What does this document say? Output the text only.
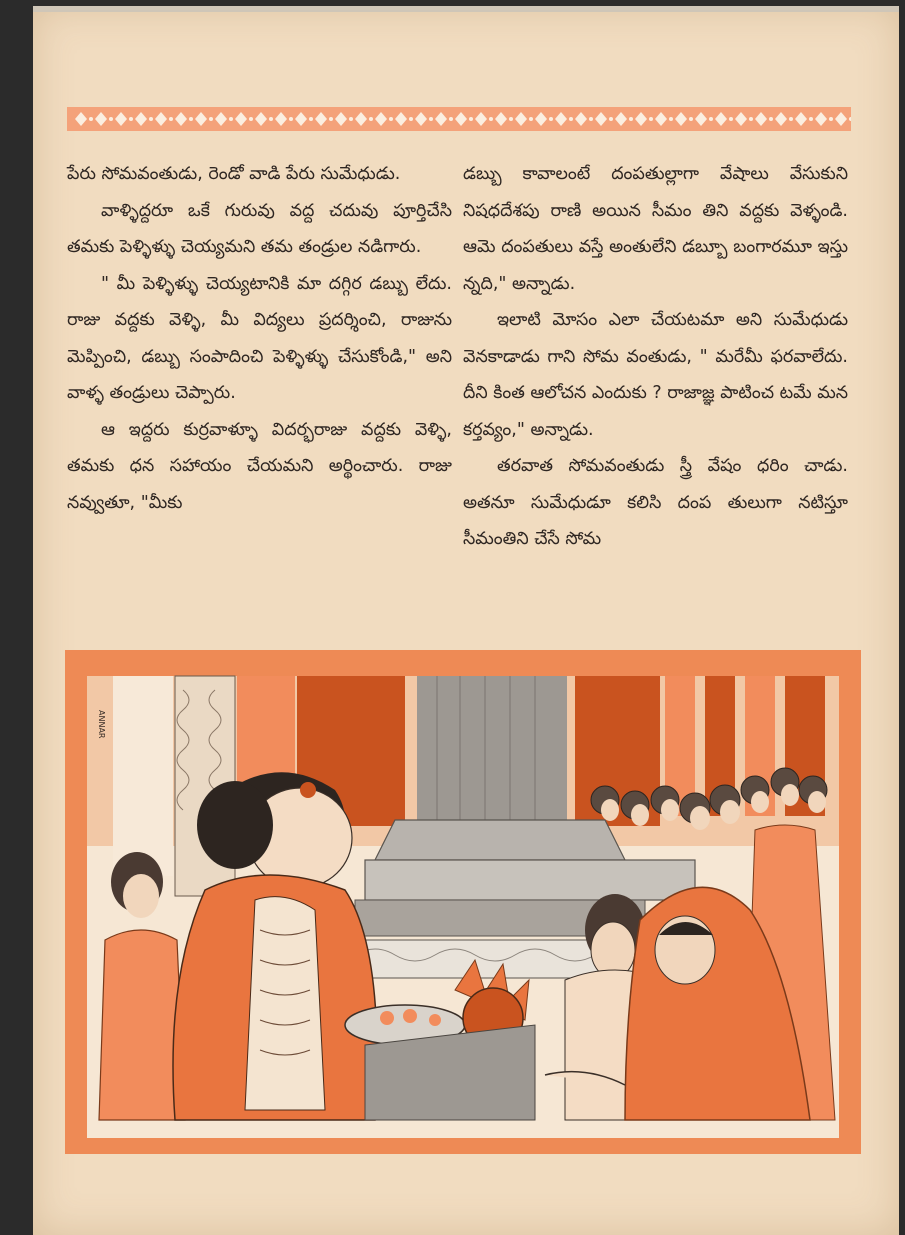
పేరు సోమవంతుడు, రెండో వాడి పేరు సుమేధుడు.

వాళ్ళిద్దరూ ఒకే గురువు వద్ద చదువు పూర్తిచేసి తమకు పెళ్ళిళ్ళు చెయ్యమని తమ తండ్రుల నడిగారు.

" మీ పెళ్ళిళ్ళు చెయ్యటానికి మా దగ్గిర డబ్బు లేదు. రాజు వద్దకు వెళ్ళి, మీ విద్యలు ప్రదర్శించి, రాజును మెప్పించి, డబ్బు సంపాదించి పెళ్ళిళ్ళు చేసుకోండి," అని వాళ్ళ తండ్రులు చెప్పారు.

ఆ ఇద్దరు కుర్రవాళ్ళూ విదర్భరాజు వద్దకు వెళ్ళి, తమకు ధన సహాయం చేయమని అర్థించారు. రాజు నవ్వుతూ, "మీకు

డబ్బు కావాలంటే దంపతుల్లాగా వేషాలు వేసుకుని నిషధదేశపు రాణి అయిన సీమం తిని వద్దకు వెళ్ళండి. ఆమె దంపతులు వస్తే అంతులేని డబ్బూ బంగారమూ ఇస్తు న్నది," అన్నాడు.

ఇలాటి మోసం ఎలా చేయటమా అని సుమేధుడు వెనకాడాడు గాని సోమ వంతుడు, " మరేమీ ఫరవాలేదు. దీని కింత ఆలోచన ఎందుకు ? రాజాజ్ఞ పాటించ టమే మన కర్తవ్యం," అన్నాడు.

తరవాత సోమవంతుడు స్త్రీ వేషం ధరిం చాడు. అతనూ సుమేధుడూ కలిసి దంప తులుగా నటిస్తూ సీమంతిని చేసే సోమ

ANNAR
